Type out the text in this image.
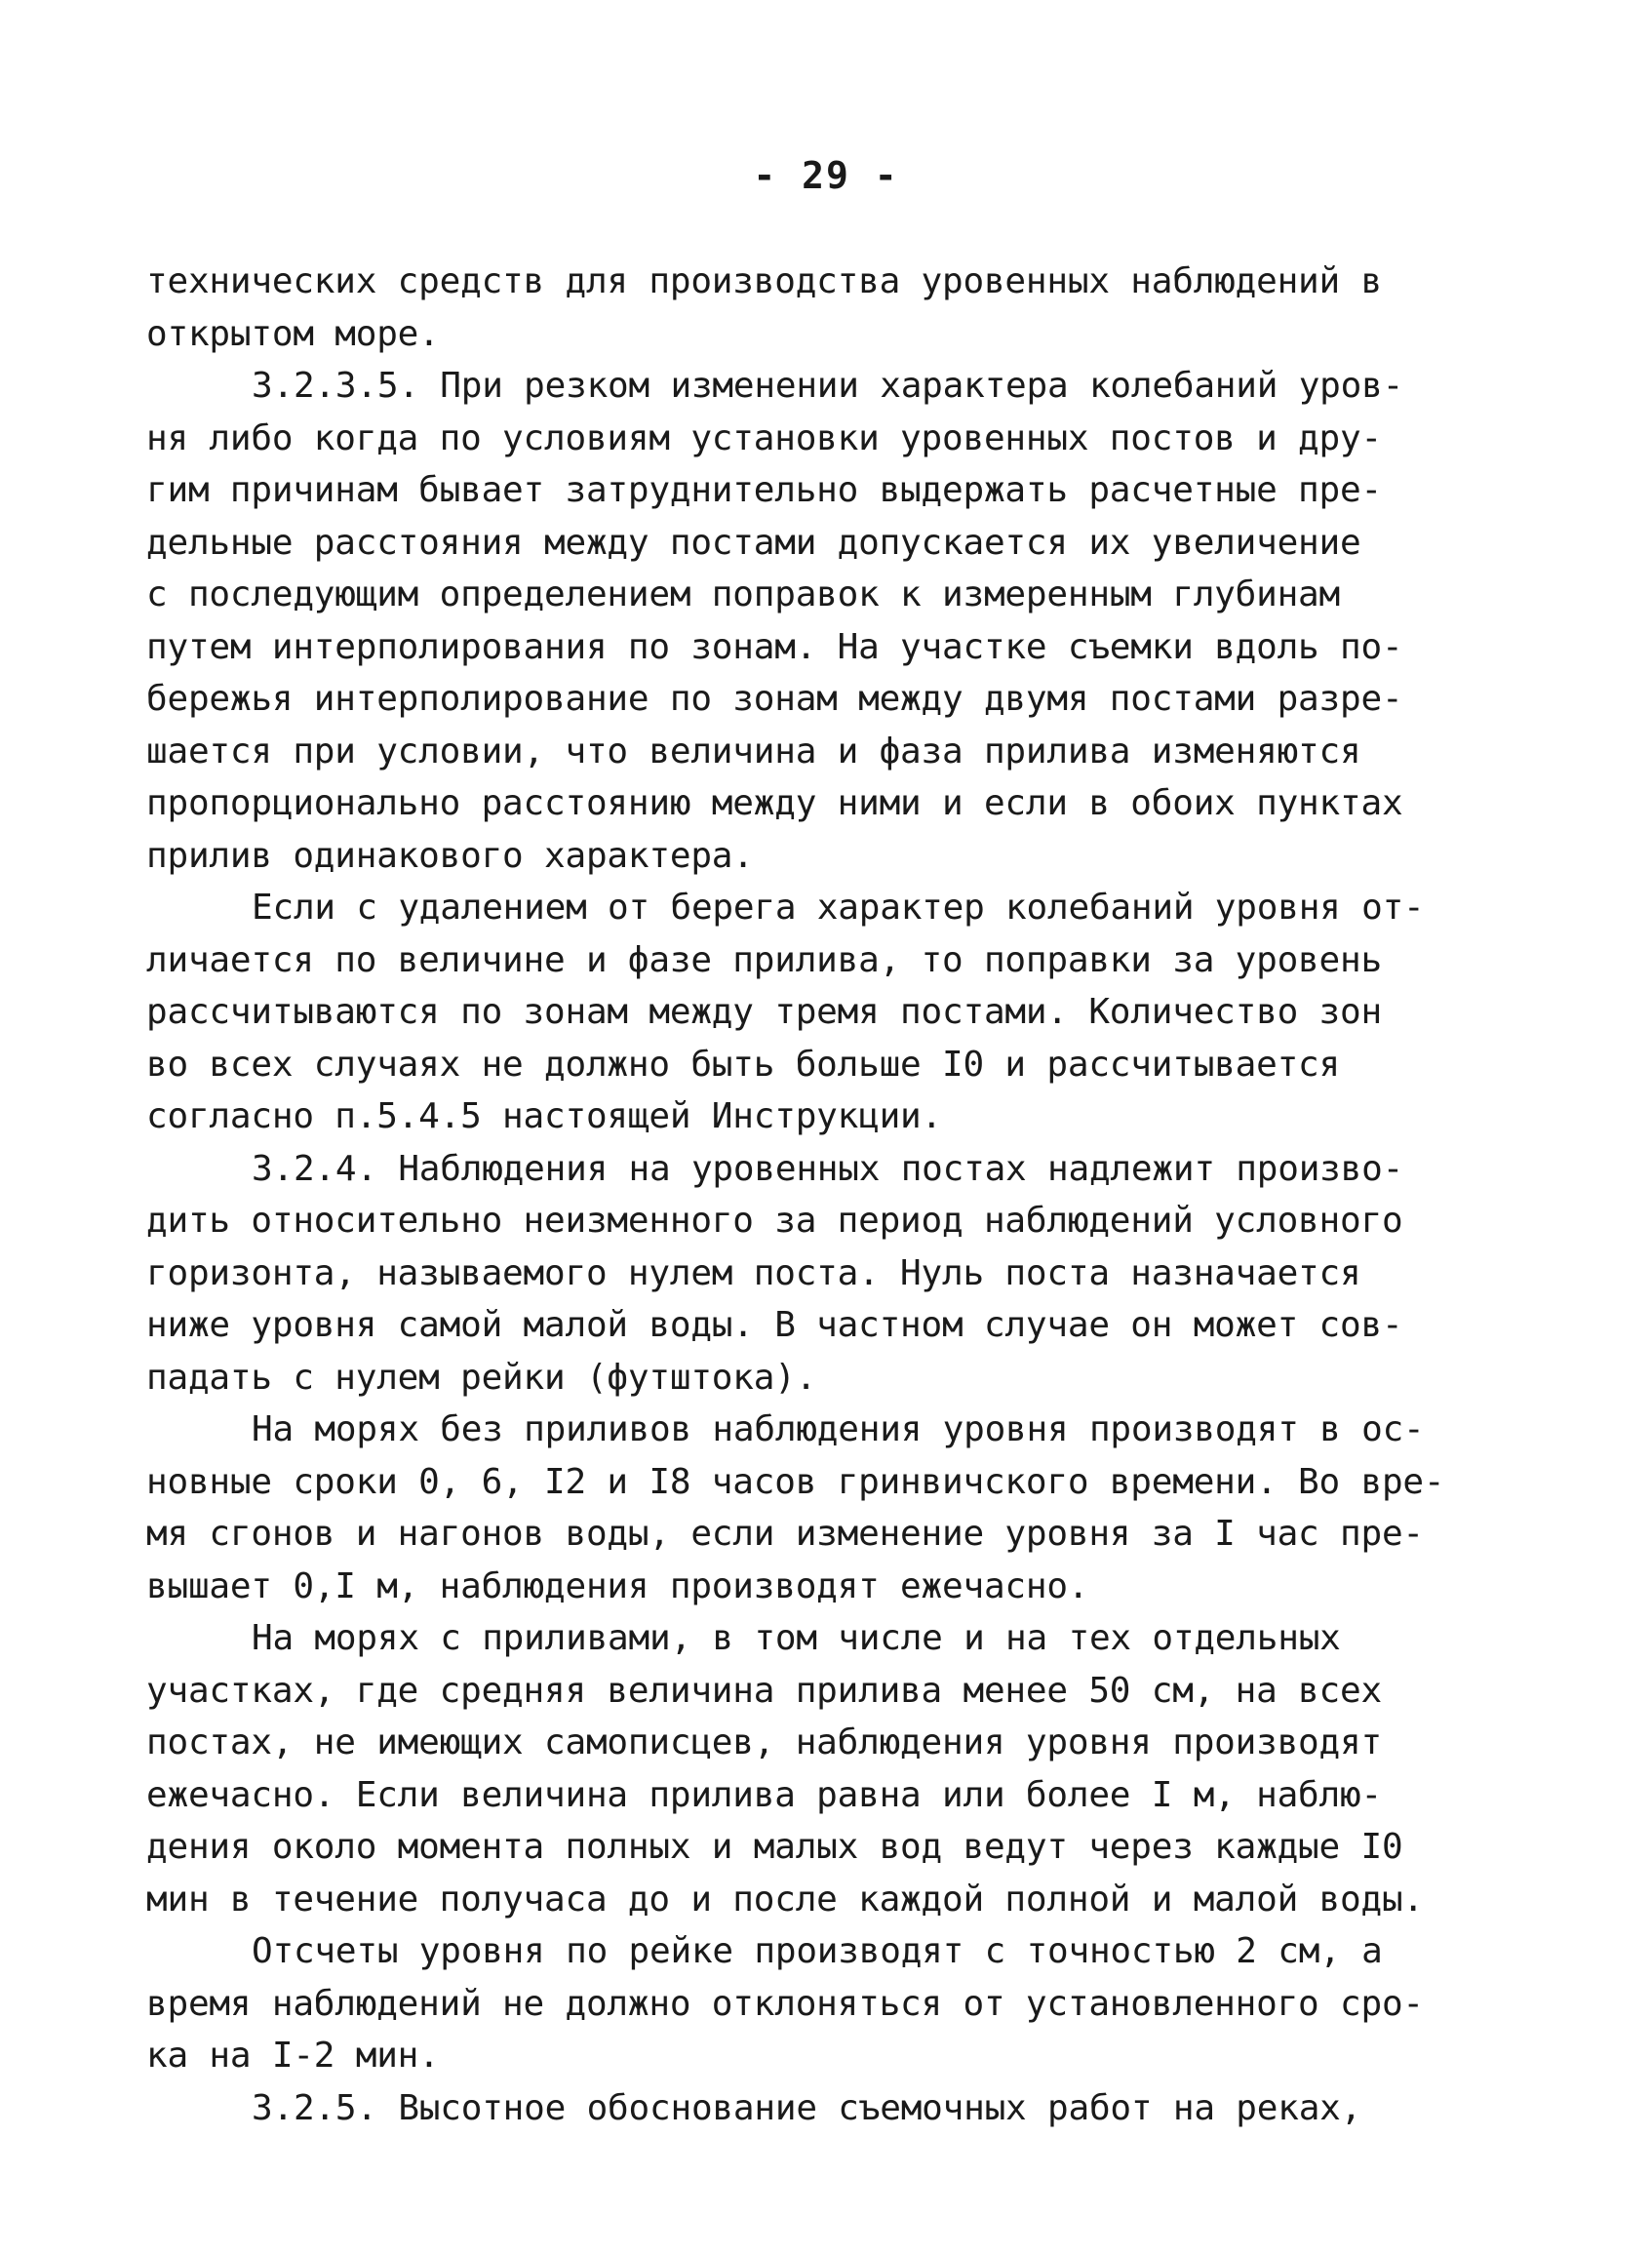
- 29 -
технических средств для производства уровенных наблюдений в
открытом море.
3.2.3.5. При резком изменении характера колебаний уров-
ня либо когда по условиям установки уровенных постов и дру-
гим причинам бывает затруднительно выдержать расчетные пре-
дельные расстояния между постами допускается их увеличение
с последующим определением поправок к измеренным глубинам
путем интерполирования по зонам. На участке съемки вдоль по-
бережья интерполирование по зонам между двумя постами разре-
шается при условии, что величина и фаза прилива изменяются
пропорционально расстоянию между ними и если в обоих пунктах
прилив одинакового характера.
Если с удалением от берега характер колебаний уровня от-
личается по величине и фазе прилива, то поправки за уровень
рассчитываются по зонам между тремя постами. Количество зон
во всех случаях не должно быть больше I0 и рассчитывается
согласно п.5.4.5 настоящей Инструкции.
3.2.4. Наблюдения на уровенных постах надлежит произво-
дить относительно неизменного за период наблюдений условного
горизонта, называемого нулем поста. Нуль поста назначается
ниже уровня самой малой воды. В частном случае он может сов-
падать с нулем рейки (футштока).
На морях без приливов наблюдения уровня производят в ос-
новные сроки 0, 6, I2 и I8 часов гринвичского времени. Во вре-
мя сгонов и нагонов воды, если изменение уровня за I час пре-
вышает 0,I м, наблюдения производят ежечасно.
На морях с приливами, в том числе и на тех отдельных
участках, где средняя величина прилива менее 50 см, на всех
постах, не имеющих самописцев, наблюдения уровня производят
ежечасно. Если величина прилива равна или более I м, наблю-
дения около момента полных и малых вод ведут через каждые I0
мин в течение получаса до и после каждой полной и малой воды.
Отсчеты уровня по рейке производят с точностью 2 см, а
время наблюдений не должно отклоняться от установленного сро-
ка на I-2 мин.
3.2.5. Высотное обоснование съемочных работ на реках,
